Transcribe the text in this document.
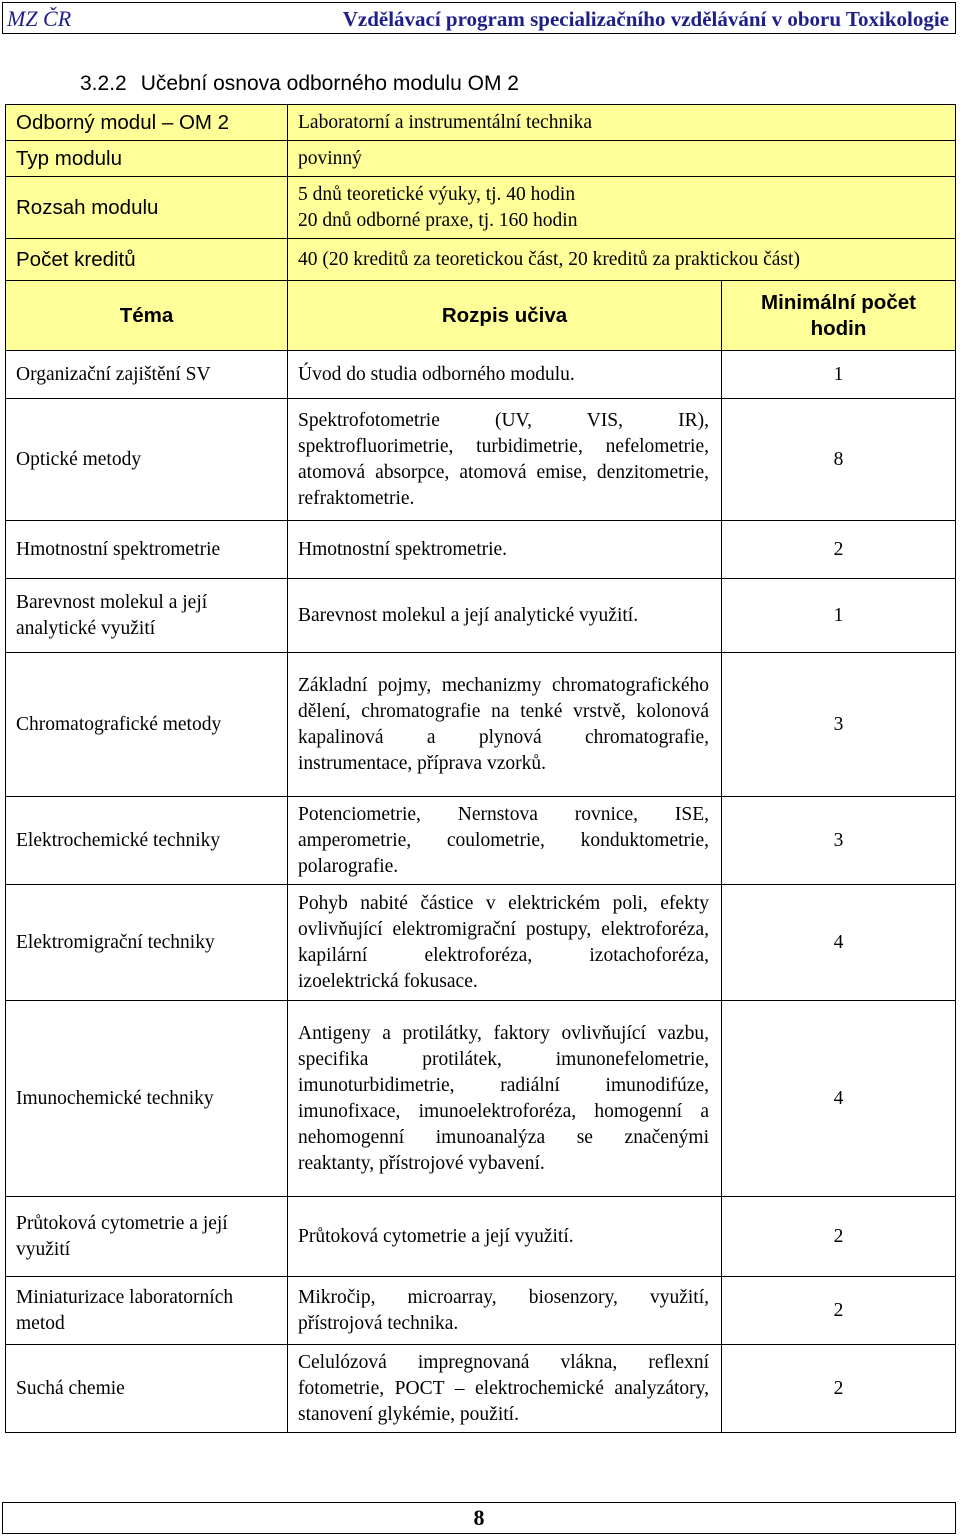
MZ ČR	Vzdělávací program specializačního vzdělávání v oboru Toxikologie
3.2.2 Učební osnova odborného modulu OM 2
Odborný modul – OM 2	Laboratorní a instrumentální technika	
Typ modulu	povinný	
Rozsah modulu	5 dnů teoretické výuky, tj. 40 hodin
20 dnů odborné praxe, tj. 160 hodin	

Počet kreditů	40 (20 kreditů za teoretickou část, 20 kreditů za praktickou část)	
Téma	Rozpis učiva	Minimální počet hodin
Organizační zajištění SV	Úvod do studia odborného modulu.	1
Optické metody	Spektrofotometrie (UV, VIS, IR), spektrofluorimetrie, turbidimetrie, nefelometrie, atomová absorpce, atomová emise, denzitometrie, refraktometrie.	8
Hmotnostní spektrometrie	Hmotnostní spektrometrie.	2
Barevnost molekul a její analytické využití	Barevnost molekul a její analytické využití.	1
Chromatografické metody	Základní pojmy, mechanizmy chromatografického dělení, chromatografie na tenké vrstvě, kolonová kapalinová a plynová chromatografie, instrumentace, příprava vzorků.	3
Elektrochemické techniky	Potenciometrie, Nernstova rovnice, ISE, amperometrie, coulometrie, konduktometrie, polarografie.	3
Elektromigrační techniky	Pohyb nabité částice v elektrickém poli, efekty ovlivňující elektromigrační postupy, elektroforéza, kapilární elektroforéza, izotachoforéza, izoelektrická fokusace.	4
Imunochemické techniky	Antigeny a protilátky, faktory ovlivňující vazbu, specifika protilátek, imunonefelometrie, imunoturbidimetrie, radiální imunodifúze, imunofixace, imunoelektroforéza, homogenní a nehomogenní imunoanalýza se značenými reaktanty, přístrojové vybavení.	4
Průtoková cytometrie a její využití	Průtoková cytometrie a její využití.	2
Miniaturizace laboratorních metod	Mikročip, microarray, biosenzory, využití, přístrojová technika.	2
Suchá chemie	Celulózová impregnovaná vlákna, reflexní fotometrie, POCT – elektrochemické analyzátory, stanovení glykémie, použití.	2
8
